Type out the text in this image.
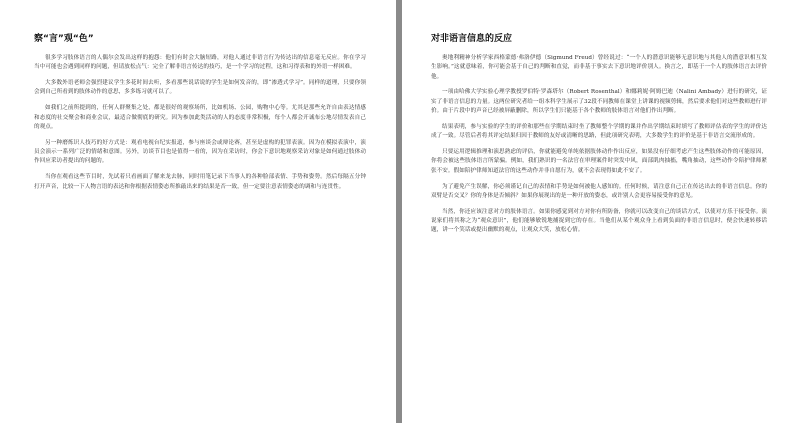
察“言”观“色”

很多学习肢体语言的人偶尔会发出这样的抱怨：他们有时会大脑短路，对他人通过非语言行为传达出的信息毫无反应。你在学习当中可能也会遇到同样的问题，但请放松点气：完全了解非语言传达的技巧，是一个学习的过程，这和习得表和的外语一样困难。

大多数外语老师会强烈建议学生多花时间去听，多看那些说话说的学生是如何发音的，即“渗透式学习”。同样的道理，只要你领会到自己所看到的肢体动作的意思，多多练习就可以了。

如我们之前所提到的，任何人群聚集之处，都是很好的观察场所，比如机场、公园，购物中心等。尤其是那些允许自由表达情感和态度的社交聚会和商业会议，最适合做彻底的研究。因为参加此类活动的人的态度非常积极，每个人都会开诚布公地尽情发表自己的观点。

另一种磨炼识人技巧的好方式是：观看电视台纪实报道，参与座谈会或辩论赛，甚至是虚构的犯罪表演。因为在模拟表演中，演员会演示一系列广泛的情绪和意图。另外，访谈节目也是值得一看的，因为在采访时，你会下意识地观察采访对象是如何通过肢体动作回应采访者提出的问题的。

当你在观看这些节目时，先试着只看画面了解来龙去脉，同时用笔记录下当事人的各种脸部表情、手势和姿势。然后每隔五分钟打开声音，比较一下人物言语的表达和你根据表情姿态所推敲出来的结果是否一致，但一定要注意表情姿态的调和与连贯性。

对非语言信息的反应

奥地利精神分析学家西格蒙德·弗洛伊德（Sigmund Freud）曾经说过：“一个人的潜意识能够无意识地与其他人的潜意识相互发生影响。”这就意味着，你可能会基于自己的判断和直觉，而非基于事实去下意识地评价别人。换言之，即基于一个人的肢体语言去评价他。

一项由哈佛大学实验心理学教授罗伯特·罗森塔尔（Robert Rosenthal）和娜莉妮·阿姆巴迪（Nalini Ambady）进行的研究，证实了非语言信息的力量。这两位研究者给一组本科学生展示了32段不同教师在课堂上讲课的视频剪辑，然后要求他们对这些教师进行评价。由于片段中的声音已经被屏蔽删除，所以学生们只能基于各个教师的肢体语言对他们作出判断。

结果表明，参与实验的学生的评价和那些在学期结束时坐了教师整个学期的课并作出学期结束时填写了教师评估表的学生的评价达成了一致。尽管后者将其评定结果归因于教师的友好或清晰的思路，但此项研究表明，大多数学生的评价是基于非语言交流形成的。

只要运用逻辑推理和演思熟虑的评估，你就能避免单纯依据肢体动作作出反应，如果没有仔细考虑产生这些肢体动作的可能原因，你将会被这些肢体语言所蒙骗。例如，我们熟识的一名法官在审理案件时突发中风，面部肌肉抽搐，嘴角抽动，这些动作令陪护律师紧张不安。假如陪护律师知道法官的这些动作并非自愿行为，就不会表现得如此不安了。

为了避免产生误解，你必须谨记自己的表情和手势是如何被他人感知的。任何时候，请注意自己正在传达出去的非语言信息。你的双臂是否交叉？你的身体是否倾斜？如果你展现出的是一种开放的姿态，或许别人会更容易接受你的意见。

当然，你还应该注意对方的肢体语言。如果你感觉到对方对你有所防备，你就可以改变自己的谈话方式，以使对方乐于接受你。演说家们将其称之为“观众意识”，他们能够敏锐地捕捉到它的存在。当他们从某个观众身上看到负面的非语言信息时，便会快速转移话题，讲一个笑话或提出幽默的观点，让观众大笑，放松心情。
